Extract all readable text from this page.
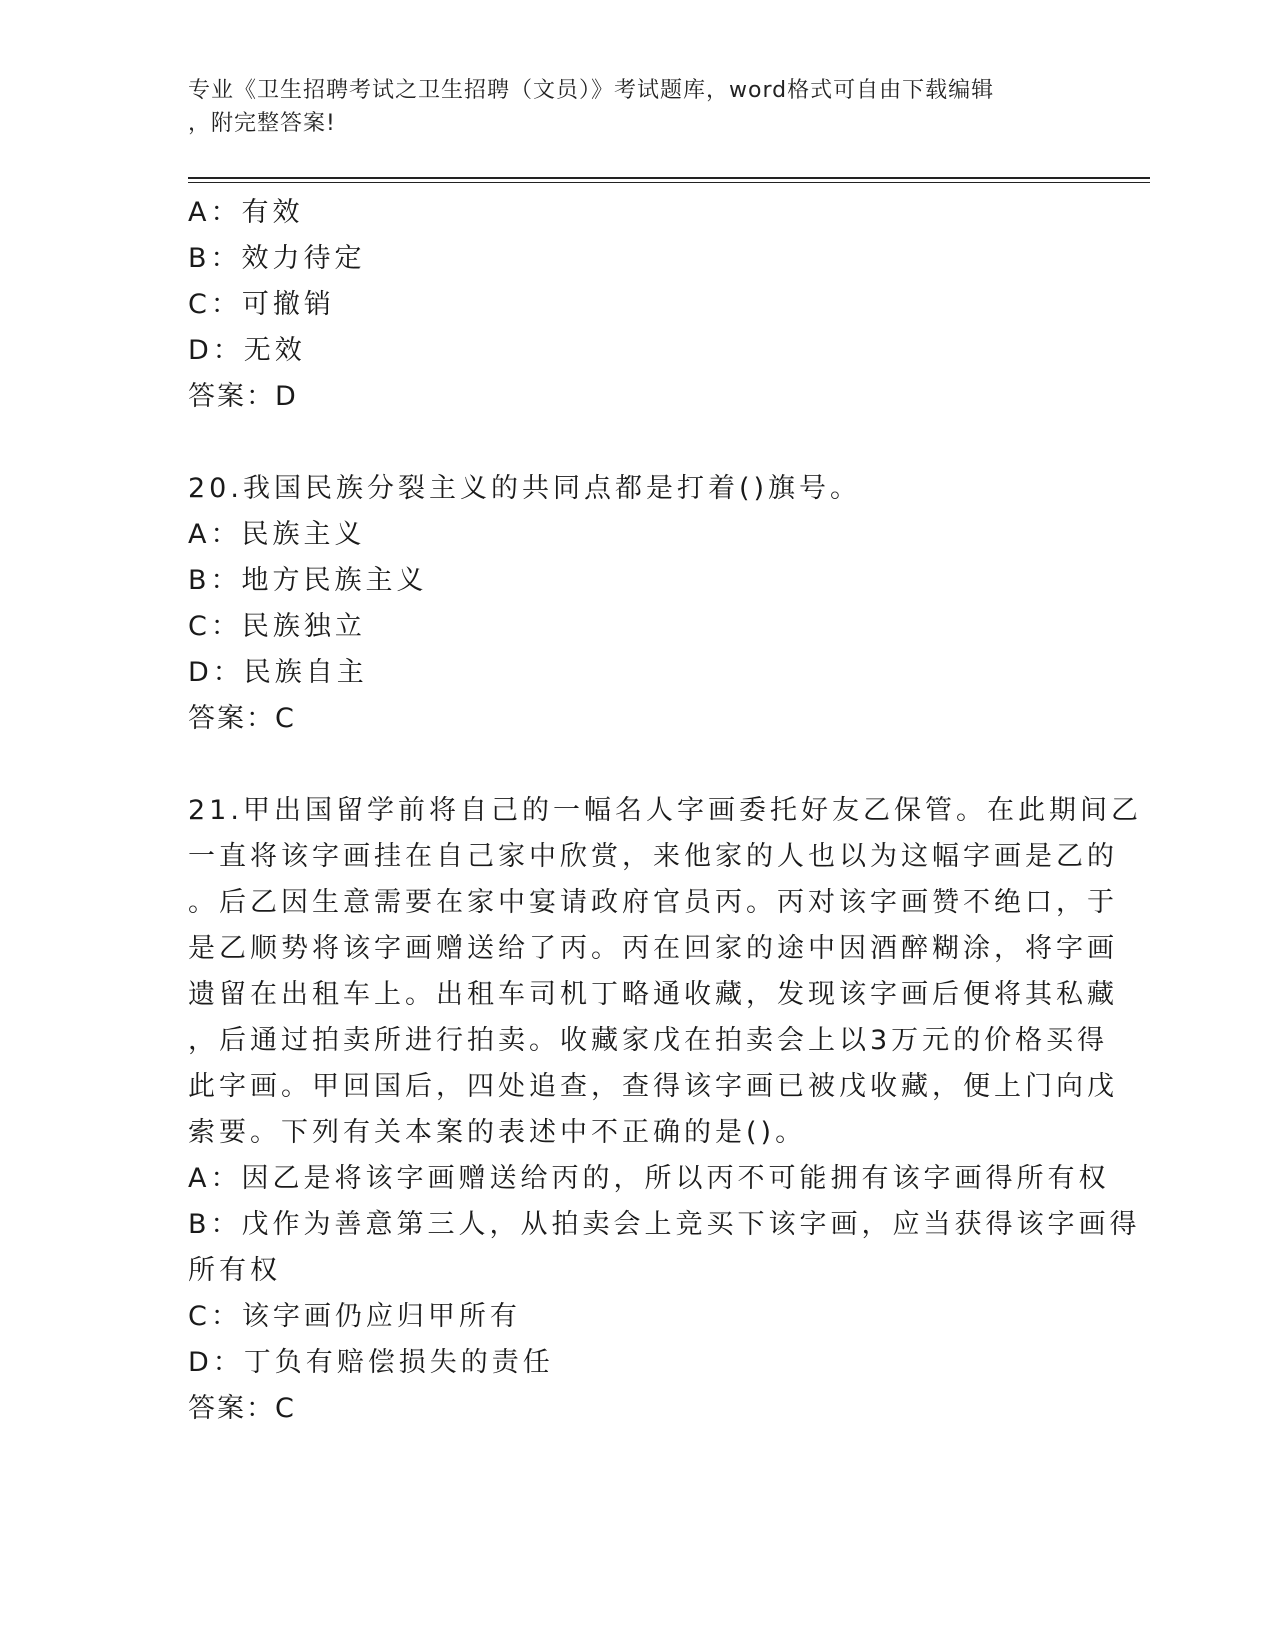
专业《卫生招聘考试之卫生招聘（文员）》考试题库，word格式可自由下载编辑
，附完整答案!
A：有效
B：效力待定
C：可撤销
D：无效
答案：D
20.我国民族分裂主义的共同点都是打着()旗号。
A：民族主义
B：地方民族主义
C：民族独立
D：民族自主
答案：C
21.甲出国留学前将自己的一幅名人字画委托好友乙保管。在此期间乙
一直将该字画挂在自己家中欣赏，来他家的人也以为这幅字画是乙的
。后乙因生意需要在家中宴请政府官员丙。丙对该字画赞不绝口，于
是乙顺势将该字画赠送给了丙。丙在回家的途中因酒醉糊涂，将字画
遗留在出租车上。出租车司机丁略通收藏，发现该字画后便将其私藏
，后通过拍卖所进行拍卖。收藏家戊在拍卖会上以3万元的价格买得
此字画。甲回国后，四处追查，查得该字画已被戊收藏，便上门向戊
索要。下列有关本案的表述中不正确的是()。
A：因乙是将该字画赠送给丙的，所以丙不可能拥有该字画得所有权
B：戊作为善意第三人，从拍卖会上竞买下该字画，应当获得该字画得
所有权
C：该字画仍应归甲所有
D：丁负有赔偿损失的责任
答案：C
